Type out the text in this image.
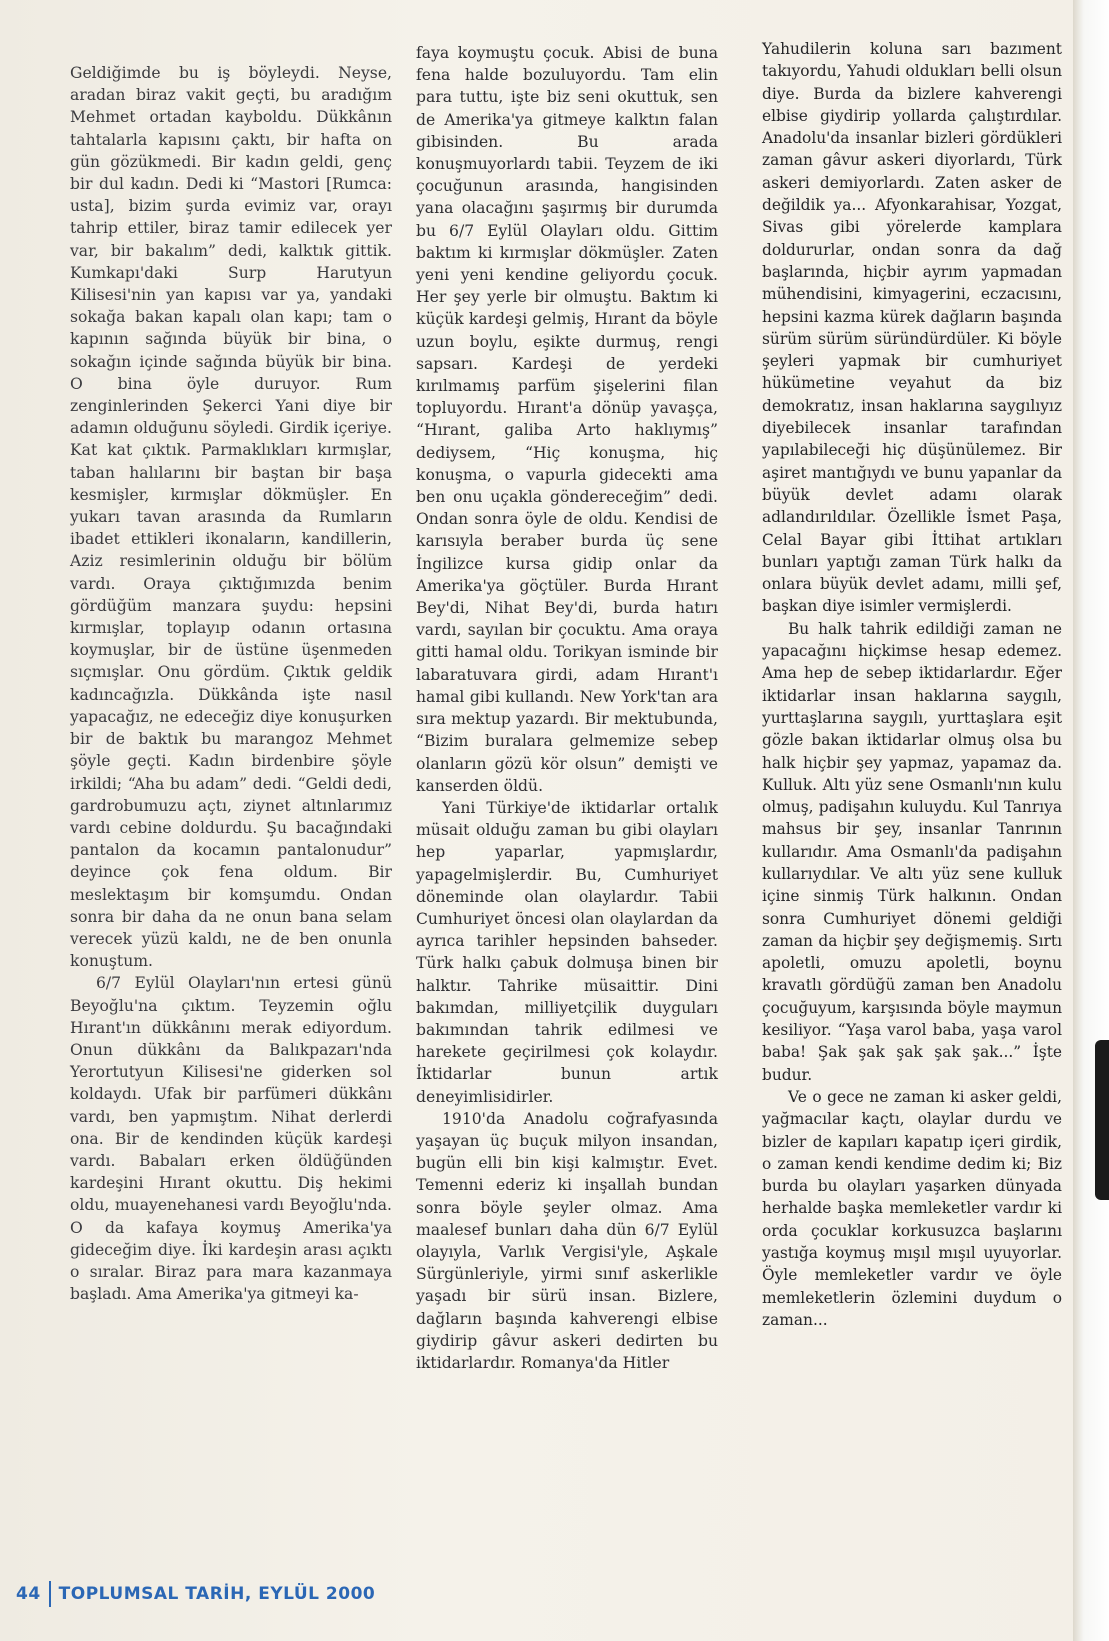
Geldiğimde bu iş böyleydi. Neyse, aradan biraz vakit geçti, bu aradığım Mehmet ortadan kayboldu. Dükkânın tahtalarla kapısını çaktı, bir hafta on gün gözükmedi. Bir kadın geldi, genç bir dul kadın. Dedi ki “Mastori [Rumca: usta], bizim şurda evimiz var, orayı tahrip ettiler, biraz tamir edilecek yer var, bir bakalım” dedi, kalktık gittik. Kumkapı'daki Surp Harutyun Kilisesi'nin yan kapısı var ya, yandaki sokağa bakan kapalı olan kapı; tam o kapının sağında büyük bir bina, o sokağın içinde sağında büyük bir bina. O bina öyle duruyor. Rum zenginlerinden Şekerci Yani diye bir adamın olduğunu söyledi. Girdik içeriye. Kat kat çıktık. Parmaklıkları kırmışlar, taban halılarını bir baştan bir başa kesmişler, kırmışlar dökmüşler. En yukarı tavan arasında da Rumların ibadet ettikleri ikonaların, kandillerin, Aziz resimlerinin olduğu bir bölüm vardı. Oraya çıktığımızda benim gördüğüm manzara şuydu: hepsini kırmışlar, toplayıp odanın ortasına koymuşlar, bir de üstüne üşenmeden sıçmışlar. Onu gördüm. Çıktık geldik kadıncağızla. Dükkânda işte nasıl yapacağız, ne edeceğiz diye konuşurken bir de baktık bu marangoz Mehmet şöyle geçti. Kadın birdenbire şöyle irkildi; “Aha bu adam” dedi. “Geldi dedi, gardrobumuzu açtı, ziynet altınlarımız vardı cebine doldurdu. Şu bacağındaki pantalon da kocamın pantalonudur” deyince çok fena oldum. Bir meslektaşım bir komşumdu. Ondan sonra bir daha da ne onun bana selam verecek yüzü kaldı, ne de ben onunla konuştum.

6/7 Eylül Olayları'nın ertesi günü Beyoğlu'na çıktım. Teyzemin oğlu Hırant'ın dükkânını merak ediyordum. Onun dükkânı da Balıkpazarı'nda Yerortutyun Kilisesi'ne giderken sol koldaydı. Ufak bir parfümeri dükkânı vardı, ben yapmıştım. Nihat derlerdi ona. Bir de kendinden küçük kardeşi vardı. Babaları erken öldüğünden kardeşini Hırant okuttu. Diş hekimi oldu, muayenehanesi vardı Beyoğlu'nda. O da kafaya koymuş Amerika'ya gideceğim diye. İki kardeşin arası açıktı o sıralar. Biraz para mara kazanmaya başladı. Ama Amerika'ya gitmeyi ka-

faya koymuştu çocuk. Abisi de buna fena halde bozuluyordu. Tam elin para tuttu, işte biz seni okuttuk, sen de Amerika'ya gitmeye kalktın falan gibisinden. Bu arada konuşmuyorlardı tabii. Teyzem de iki çocuğunun arasında, hangisinden yana olacağını şaşırmış bir durumda bu 6/7 Eylül Olayları oldu. Gittim baktım ki kırmışlar dökmüşler. Zaten yeni yeni kendine geliyordu çocuk. Her şey yerle bir olmuştu. Baktım ki küçük kardeşi gelmiş, Hırant da böyle uzun boylu, eşikte durmuş, rengi sapsarı. Kardeşi de yerdeki kırılmamış parfüm şişelerini filan topluyordu. Hırant'a dönüp yavaşça, “Hırant, galiba Arto haklıymış” dediysem, “Hiç konuşma, hiç konuşma, o vapurla gidecekti ama ben onu uçakla göndereceğim” dedi. Ondan sonra öyle de oldu. Kendisi de karısıyla beraber burda üç sene İngilizce kursa gidip onlar da Amerika'ya göçtüler. Burda Hırant Bey'di, Nihat Bey'di, burda hatırı vardı, sayılan bir çocuktu. Ama oraya gitti hamal oldu. Torikyan isminde bir labaratuvara girdi, adam Hırant'ı hamal gibi kullandı. New York'tan ara sıra mektup yazardı. Bir mektubunda, “Bizim buralara gelmemize sebep olanların gözü kör olsun” demişti ve kanserden öldü.

Yani Türkiye'de iktidarlar ortalık müsait olduğu zaman bu gibi olayları hep yaparlar, yapmışlardır, yapagelmişlerdir. Bu, Cumhuriyet döneminde olan olaylardır. Tabii Cumhuriyet öncesi olan olaylardan da ayrıca tarihler hepsinden bahseder. Türk halkı çabuk dolmuşa binen bir halktır. Tahrike müsaittir. Dini bakımdan, milliyetçilik duyguları bakımından tahrik edilmesi ve harekete geçirilmesi çok kolaydır. İktidarlar bunun artık deneyimlisidirler.

1910'da Anadolu coğrafyasında yaşayan üç buçuk milyon insandan, bugün elli bin kişi kalmıştır. Evet. Temenni ederiz ki inşallah bundan sonra böyle şeyler olmaz. Ama maalesef bunları daha dün 6/7 Eylül olayıyla, Varlık Vergisi'yle, Aşkale Sürgünleriyle, yirmi sınıf askerlikle yaşadı bir sürü insan. Bizlere, dağların başında kahverengi elbise giydirip gâvur askeri dedirten bu iktidarlardır. Romanya'da Hitler

Yahudilerin koluna sarı bazıment takıyordu, Yahudi oldukları belli olsun diye. Burda da bizlere kahverengi elbise giydirip yollarda çalıştırdılar. Anadolu'da insanlar bizleri gördükleri zaman gâvur askeri diyorlardı, Türk askeri demiyorlardı. Zaten asker de değildik ya... Afyonkarahisar, Yozgat, Sivas gibi yörelerde kamplara doldururlar, ondan sonra da dağ başlarında, hiçbir ayrım yapmadan mühendisini, kimyagerini, eczacısını, hepsini kazma kürek dağların başında sürüm sürüm süründürdüler. Ki böyle şeyleri yapmak bir cumhuriyet hükümetine veyahut da biz demokratız, insan haklarına saygılıyız diyebilecek insanlar tarafından yapılabileceği hiç düşünülemez. Bir aşiret mantığıydı ve bunu yapanlar da büyük devlet adamı olarak adlandırıldılar. Özellikle İsmet Paşa, Celal Bayar gibi İttihat artıkları bunları yaptığı zaman Türk halkı da onlara büyük devlet adamı, milli şef, başkan diye isimler vermişlerdi.

Bu halk tahrik edildiği zaman ne yapacağını hiçkimse hesap edemez. Ama hep de sebep iktidarlardır. Eğer iktidarlar insan haklarına saygılı, yurttaşlarına saygılı, yurttaşlara eşit gözle bakan iktidarlar olmuş olsa bu halk hiçbir şey yapmaz, yapamaz da. Kulluk. Altı yüz sene Osmanlı'nın kulu olmuş, padişahın kuluydu. Kul Tanrıya mahsus bir şey, insanlar Tanrının kullarıdır. Ama Osmanlı'da padişahın kullarıydılar. Ve altı yüz sene kulluk içine sinmiş Türk halkının. Ondan sonra Cumhuriyet dönemi geldiği zaman da hiçbir şey değişmemiş. Sırtı apoletli, omuzu apoletli, boynu kravatlı gördüğü zaman ben Anadolu çocuğuyum, karşısında böyle maymun kesiliyor. “Yaşa varol baba, yaşa varol baba! Şak şak şak şak şak...” İşte budur.

Ve o gece ne zaman ki asker geldi, yağmacılar kaçtı, olaylar durdu ve bizler de kapıları kapatıp içeri girdik, o zaman kendi kendime dedim ki; Biz burda bu olayları yaşarken dünyada herhalde başka memleketler vardır ki orda çocuklar korkusuzca başlarını yastığa koymuş mışıl mışıl uyuyorlar. Öyle memleketler vardır ve öyle memleketlerin özlemini duydum o zaman...

44 TOPLUMSAL TARİH, EYLÜL 2000
